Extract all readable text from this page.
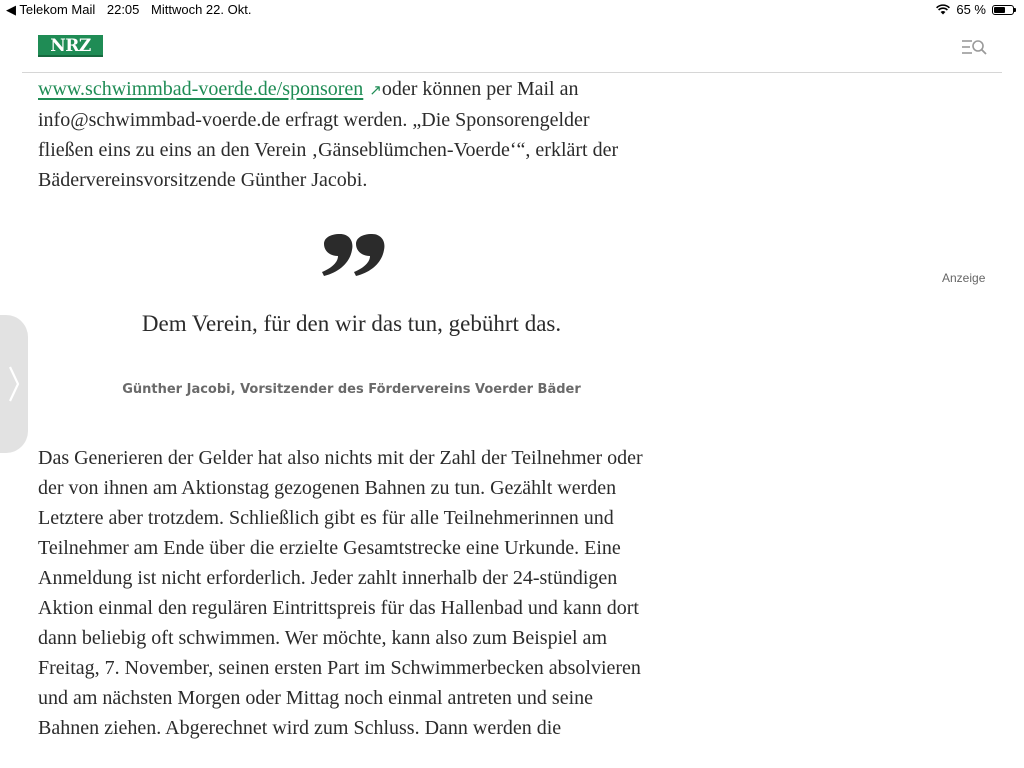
◀ Telekom Mail 22:05 Mittwoch 22. Okt.	65 %
NRZ

www.schwimmbad-voerde.de/sponsoren ↗oder können per Mail an info@schwimmbad-voerde.de erfragt werden. „Die Sponsorengelder fließen eins zu eins an den Verein ‚Gänseblümchen-Voerde‘“, erklärt der Bädervereinsvorsitzende Günther Jacobi.

Dem Verein, für den wir das tun, gebührt das.

Günther Jacobi, Vorsitzender des Fördervereins Voerder Bäder
Anzeige

Das Generieren der Gelder hat also nichts mit der Zahl der Teilnehmer oder der von ihnen am Aktionstag gezogenen Bahnen zu tun. Gezählt werden Letztere aber trotzdem. Schließlich gibt es für alle Teilnehmerinnen und Teilnehmer am Ende über die erzielte Gesamtstrecke eine Urkunde. Eine Anmeldung ist nicht erforderlich. Jeder zahlt innerhalb der 24-stündigen Aktion einmal den regulären Eintrittspreis für das Hallenbad und kann dort dann beliebig oft schwimmen. Wer möchte, kann also zum Beispiel am Freitag, 7. November, seinen ersten Part im Schwimmerbecken absolvieren und am nächsten Morgen oder Mittag noch einmal antreten und seine Bahnen ziehen. Abgerechnet wird zum Schluss. Dann werden die
